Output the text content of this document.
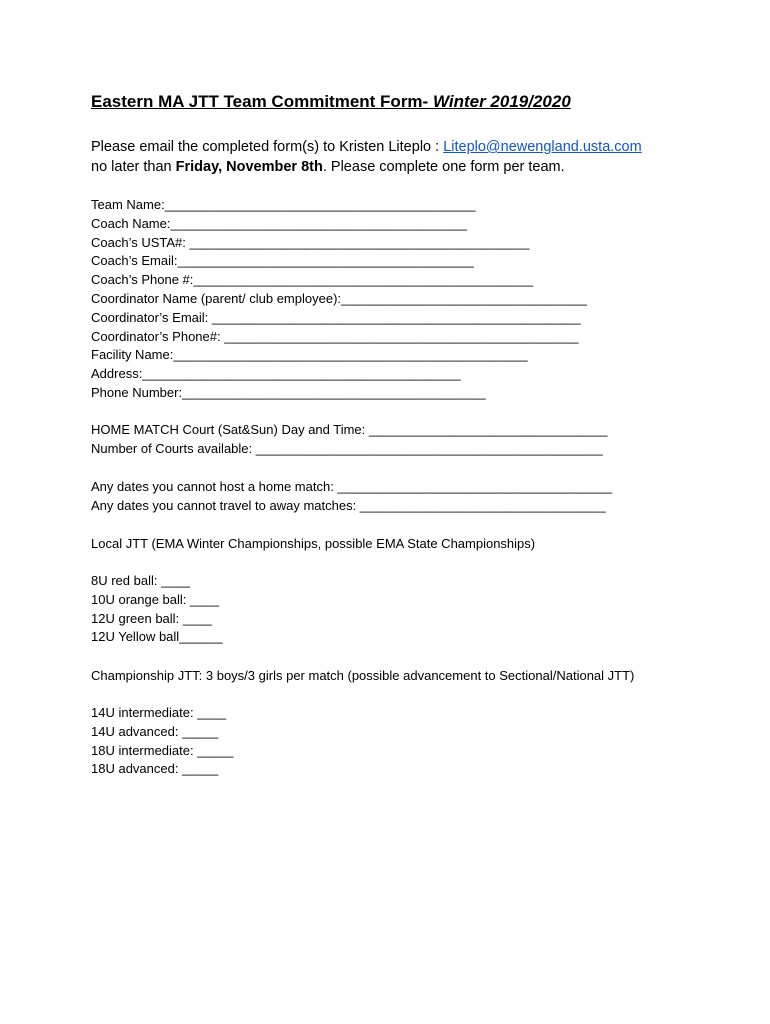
Eastern MA JTT Team Commitment Form- Winter 2019/2020
Please email the completed form(s) to Kristen Liteplo : Liteplo@newengland.usta.com
no later than Friday, November 8th. Please complete one form per team.
Team Name:___________________________________________
Coach Name:_________________________________________
Coach’s USTA#: _______________________________________________
Coach’s Email:_________________________________________
Coach’s Phone #:_______________________________________________
Coordinator Name (parent/ club employee):__________________________________
Coordinator’s Email: ___________________________________________________
Coordinator’s Phone#: _________________________________________________
Facility Name:_________________________________________________
Address:____________________________________________
Phone Number:__________________________________________
HOME MATCH Court (Sat&Sun) Day and Time: _________________________________
Number of Courts available: ________________________________________________
Any dates you cannot host a home match: ______________________________________
Any dates you cannot travel to away matches: __________________________________
Local JTT (EMA Winter Championships, possible EMA State Championships)
8U red ball: ____
10U orange ball: ____
12U green ball: ____
12U Yellow ball______
Championship JTT: 3 boys/3 girls per match (possible advancement to Sectional/National JTT)
14U intermediate: ____
14U advanced: _____
18U intermediate: _____
18U advanced: _____
